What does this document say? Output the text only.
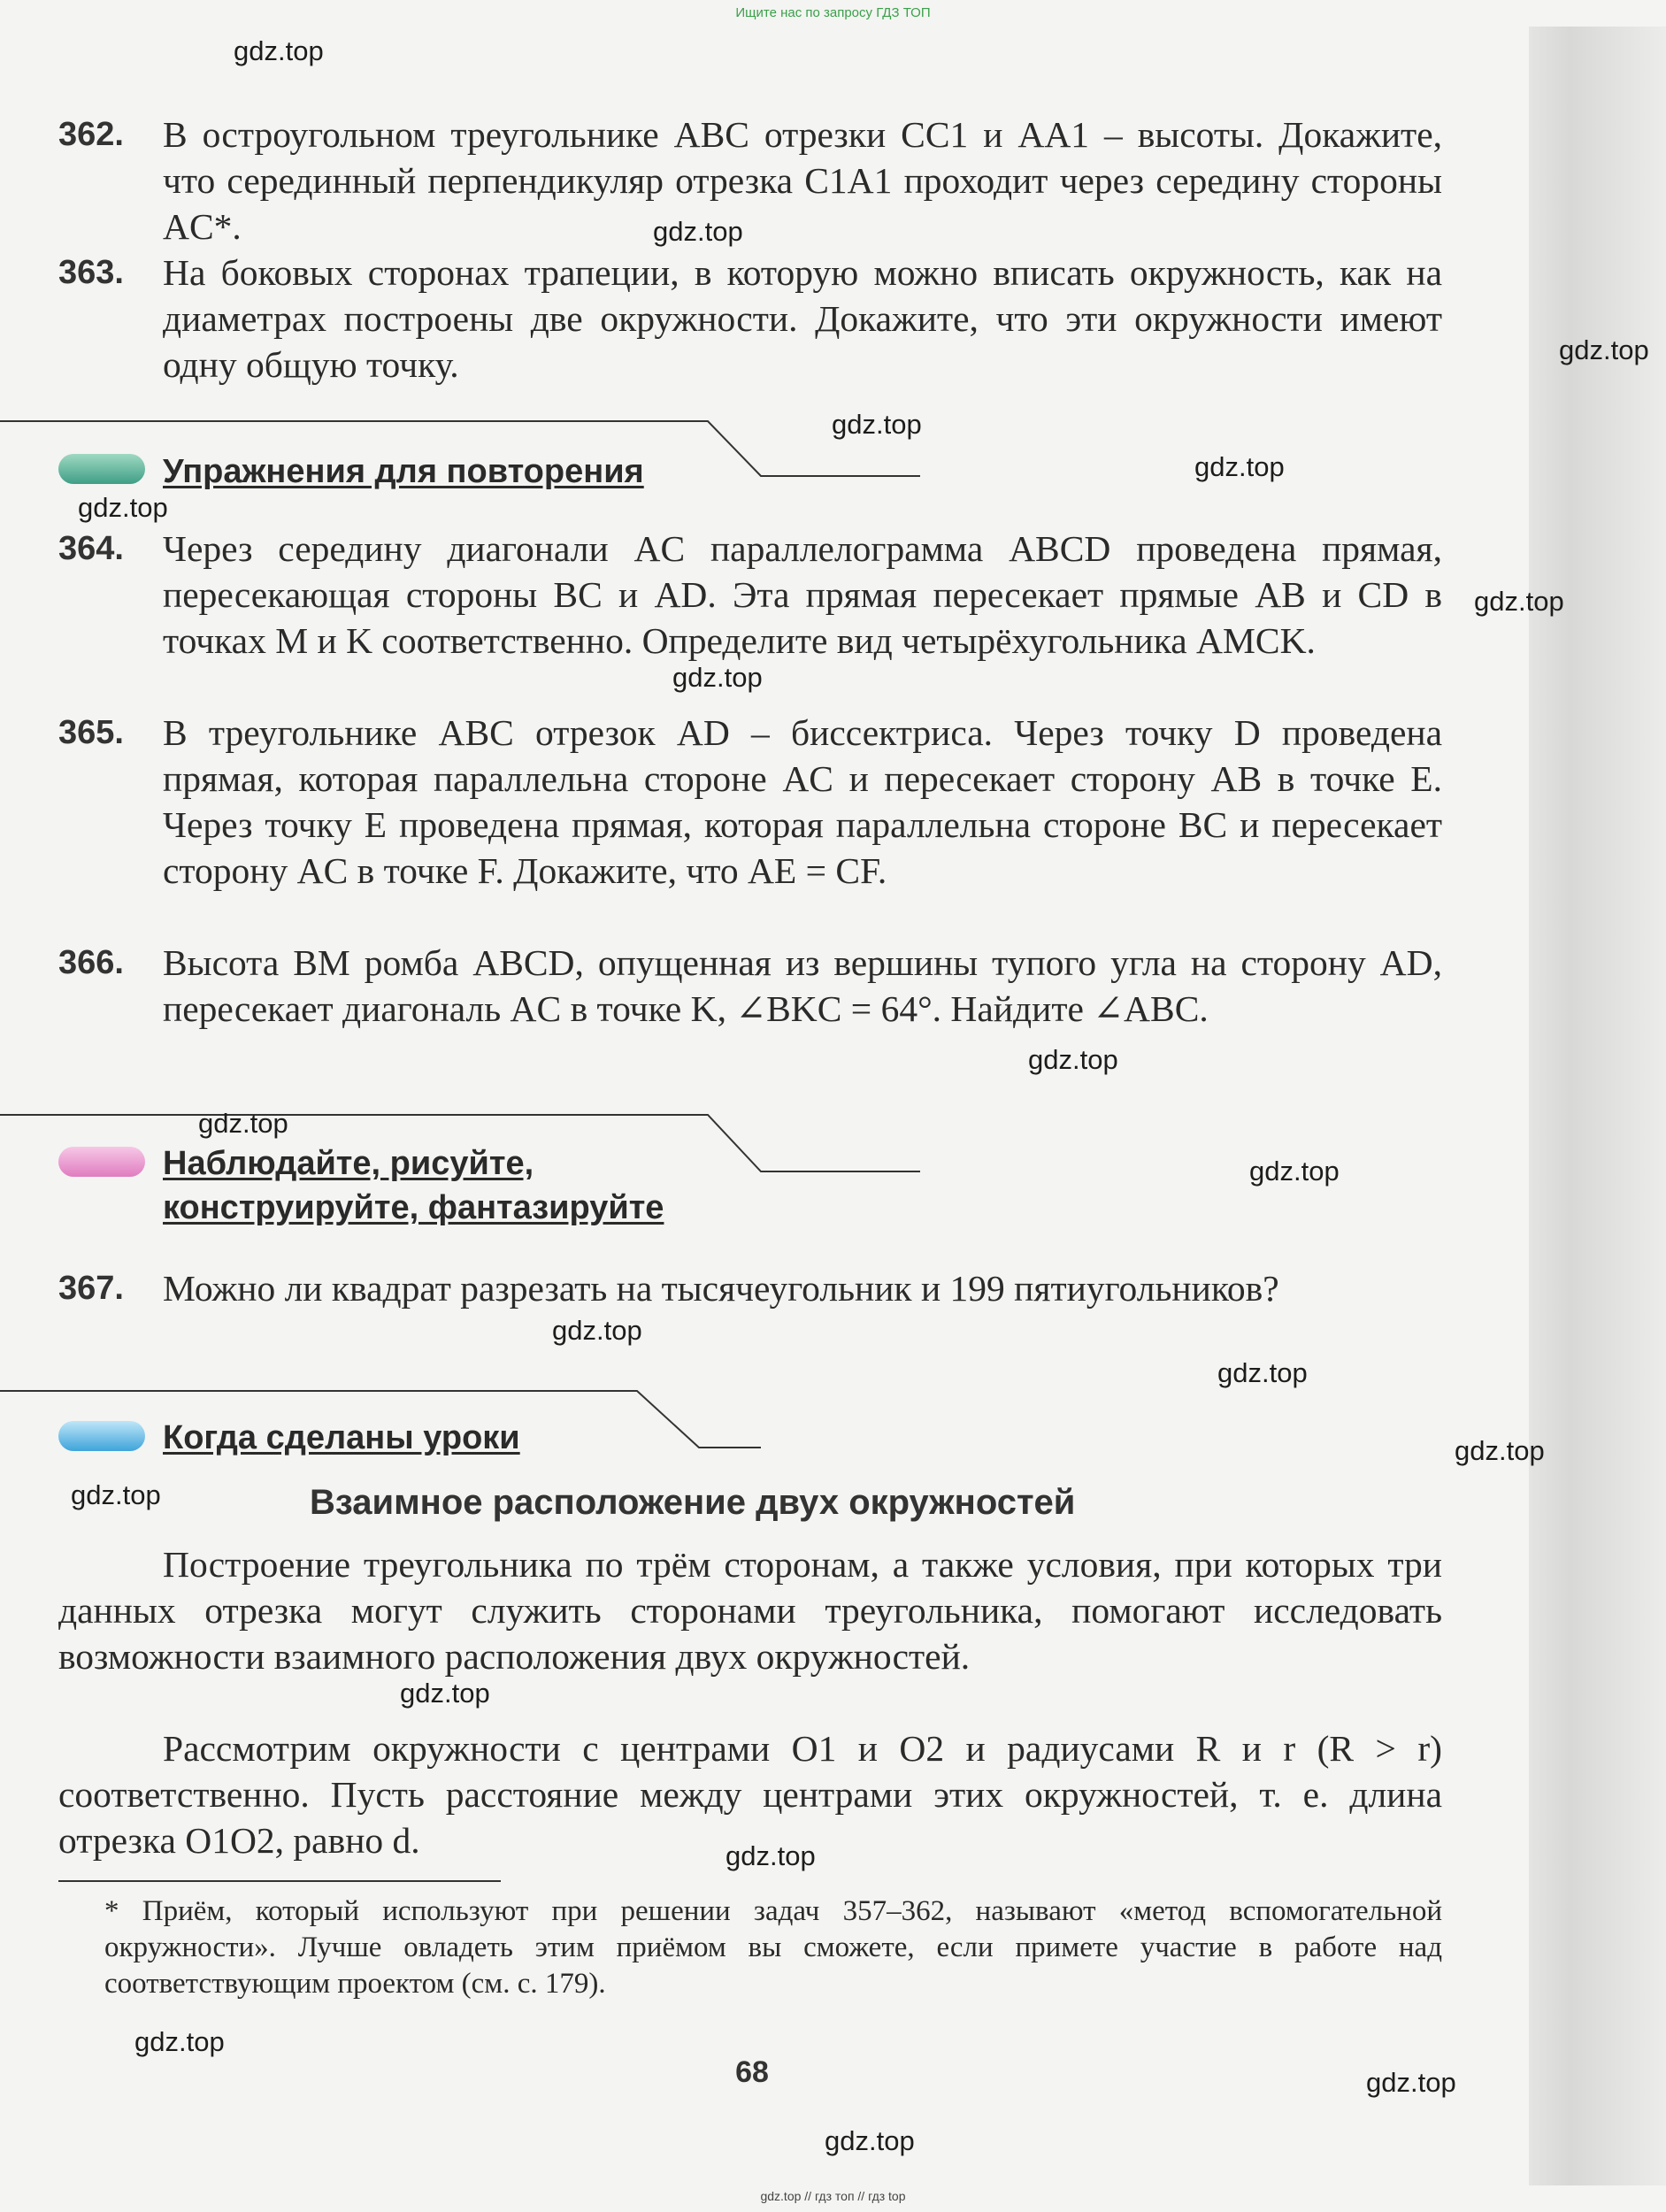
Ищите нас по запросу ГДЗ ТОП
362. В остроугольном треугольнике ABC отрезки CC1 и AA1 – высоты. Докажите, что серединный перпендикуляр отрезка C1A1 проходит через середину стороны AC*.
363. На боковых сторонах трапеции, в которую можно вписать окружность, как на диаметрах построены две окружности. Докажите, что эти окружности имеют одну общую точку.
Упражнения для повторения
364. Через середину диагонали AC параллелограмма ABCD проведена прямая, пересекающая стороны BC и AD. Эта прямая пересекает прямые AB и CD в точках M и K соответственно. Определите вид четырёхугольника AMCK.
365. В треугольнике ABC отрезок AD – биссектриса. Через точку D проведена прямая, которая параллельна стороне AC и пересекает сторону AB в точке E. Через точку E проведена прямая, которая параллельна стороне BC и пересекает сторону AC в точке F. Докажите, что AE = CF.
366. Высота BM ромба ABCD, опущенная из вершины тупого угла на сторону AD, пересекает диагональ AC в точке K, ∠BKC = 64°. Найдите ∠ABC.
Наблюдайте, рисуйте,
конструируйте, фантазируйте
367. Можно ли квадрат разрезать на тысячеугольник и 199 пятиугольников?
Когда сделаны уроки
Взаимное расположение двух окружностей
Построение треугольника по трём сторонам, а также условия, при которых три данных отрезка могут служить сторонами треугольника, помогают исследовать возможности взаимного расположения двух окружностей.
Рассмотрим окружности с центрами O1 и O2 и радиусами R и r (R > r) соответственно. Пусть расстояние между центрами этих окружностей, т. е. длина отрезка O1O2, равно d.
* Приём, который используют при решении задач 357–362, называют «метод вспомогательной окружности». Лучше овладеть этим приёмом вы сможете, если примете участие в работе над соответствующим проектом (см. с. 179).
68
gdz.top
gdz.top
gdz.top
gdz.top
gdz.top
gdz.top
gdz.top
gdz.top
gdz.top
gdz.top
gdz.top
gdz.top
gdz.top
gdz.top
gdz.top
gdz.top
gdz.top
gdz.top
gdz.top
gdz.top
gdz.top // гдз топ // гдз top
